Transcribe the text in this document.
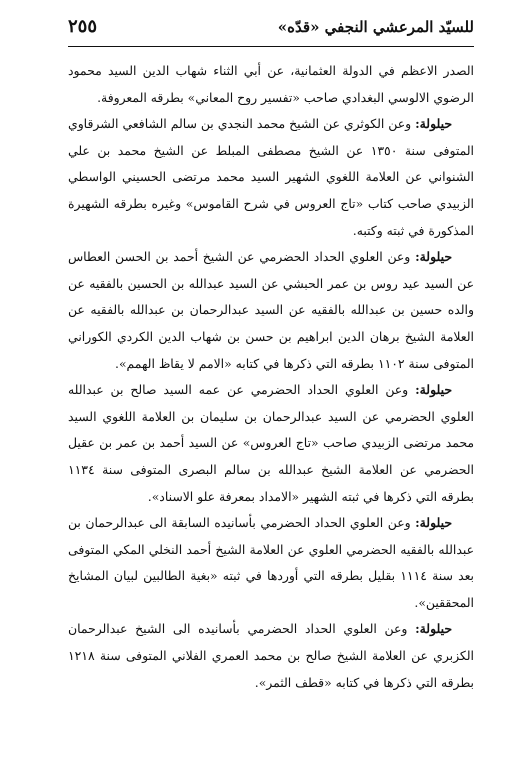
للسيّد المرعشي النجفي «قدّه»
٢٥٥

الصدر الاعظم في الدولة العثمانية، عن أبي الثناء شهاب الدين السيد محمود الرضوي الالوسي البغدادي صاحب «تفسير روح المعاني» بطرقه المعروفة.

حيلولة: وعن الكوثري عن الشيخ محمد النجدي بن سالم الشافعي الشرقاوي المتوفى سنة ١٣٥٠ عن الشيخ مصطفى المبلط عن الشيخ محمد بن علي الشنواني عن العلامة اللغوي الشهير السيد محمد مرتضى الحسيني الواسطي الزبيدي صاحب كتاب «تاج العروس في شرح القاموس» وغيره بطرقه الشهيرة المذكورة في ثبته وكتبه.

حيلولة: وعن العلوي الحداد الحضرمي عن الشيخ أحمد بن الحسن العطاس عن السيد عيد روس بن عمر الحبشي عن السيد عبدالله بن الحسين بالفقيه عن والده حسين بن عبدالله بالفقيه عن السيد عبدالرحمان بن عبدالله بالفقيه عن العلامة الشيخ برهان الدين ابراهيم بن حسن بن شهاب الدين الكردي الكوراني المتوفى سنة ١١٠٢ بطرقه التي ذكرها في كتابه «الامم لا يقاظ الهمم».

حيلولة: وعن العلوي الحداد الحضرمي عن عمه السيد صالح بن عبدالله العلوي الحضرمي عن السيد عبدالرحمان بن سليمان بن العلامة اللغوي السيد محمد مرتضى الزبيدي صاحب «تاج العروس» عن السيد أحمد بن عمر بن عقيل الحضرمي عن العلامة الشيخ عبدالله بن سالم البصرى المتوفى سنة ١١٣٤ بطرقه التي ذكرها في ثبته الشهير «الامداد بمعرفة علو الاسناد».

حيلولة: وعن العلوي الحداد الحضرمي بأسانيده السابقة الى عبدالرحمان بن عبدالله بالفقيه الحضرمي العلوي عن العلامة الشيخ أحمد النخلي المكي المتوفى بعد سنة ١١١٤ بقليل بطرقه التي أوردها في ثبته «بغية الطالبين لبيان المشايخ المحققين».

حيلولة: وعن العلوي الحداد الحضرمي بأسانيده الى الشيخ عبدالرحمان الكزبري عن العلامة الشيخ صالح بن محمد العمري الفلاني المتوفى سنة ١٢١٨ بطرقه التي ذكرها في كتابه «قطف الثمر».
